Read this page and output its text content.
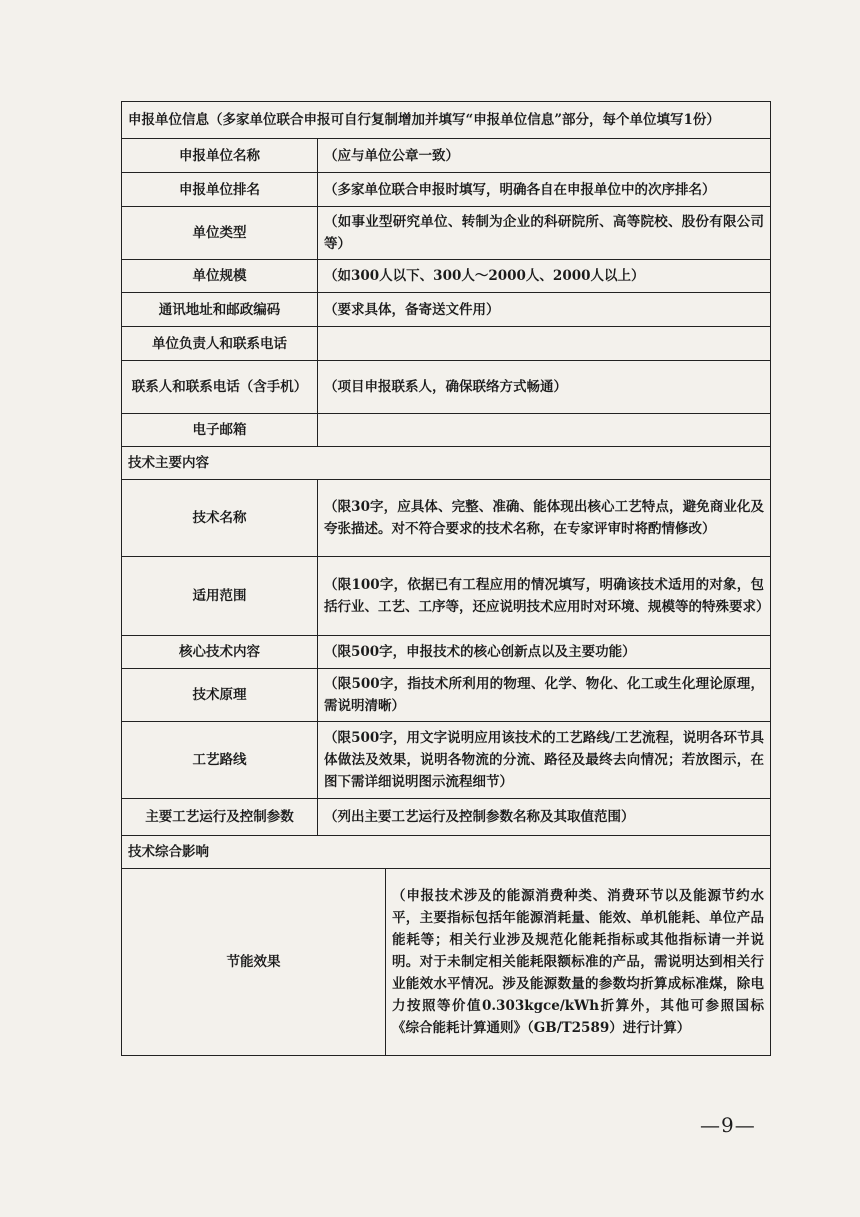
申报单位信息（多家单位联合申报可自行复制增加并填写“申报单位信息”部分，每个单位填写1份）		
申报单位名称	（应与单位公章一致）	
申报单位排名	（多家单位联合申报时填写，明确各自在申报单位中的次序排名）	
单位类型	（如事业型研究单位、转制为企业的科研院所、高等院校、股份有限公司等）	
单位规模	（如300人以下、300人～2000人、2000人以上）	
通讯地址和邮政编码	（要求具体，备寄送文件用）	
单位负责人和联系电话		
联系人和联系电话（含手机）	（项目申报联系人，确保联络方式畅通）	
电子邮箱		
技术主要内容		
技术名称	（限30字，应具体、完整、准确、能体现出核心工艺特点，避免商业化及夸张描述。对不符合要求的技术名称，在专家评审时将酌情修改）	
适用范围	（限100字，依据已有工程应用的情况填写，明确该技术适用的对象，包括行业、工艺、工序等，还应说明技术应用时对环境、规模等的特殊要求）	
核心技术内容	（限500字，申报技术的核心创新点以及主要功能）	
技术原理	（限500字，指技术所利用的物理、化学、物化、化工或生化理论原理，需说明清晰）	
工艺路线	（限500字，用文字说明应用该技术的工艺路线/工艺流程，说明各环节具体做法及效果，说明各物流的分流、路径及最终去向情况；若放图示，在图下需详细说明图示流程细节）	
主要工艺运行及控制参数	（列出主要工艺运行及控制参数名称及其取值范围）	
技术综合影响		
节能效果		（申报技术涉及的能源消费种类、消费环节以及能源节约水平，主要指标包括年能源消耗量、能效、单机能耗、单位产品能耗等；相关行业涉及规范化能耗指标或其他指标请一并说明。对于未制定相关能耗限额标准的产品，需说明达到相关行业能效水平情况。涉及能源数量的参数均折算成标准煤，除电力按照等价值0.303kgce/kWh折算外，其他可参照国标《综合能耗计算通则》（GB/T2589）进行计算）
—9—
